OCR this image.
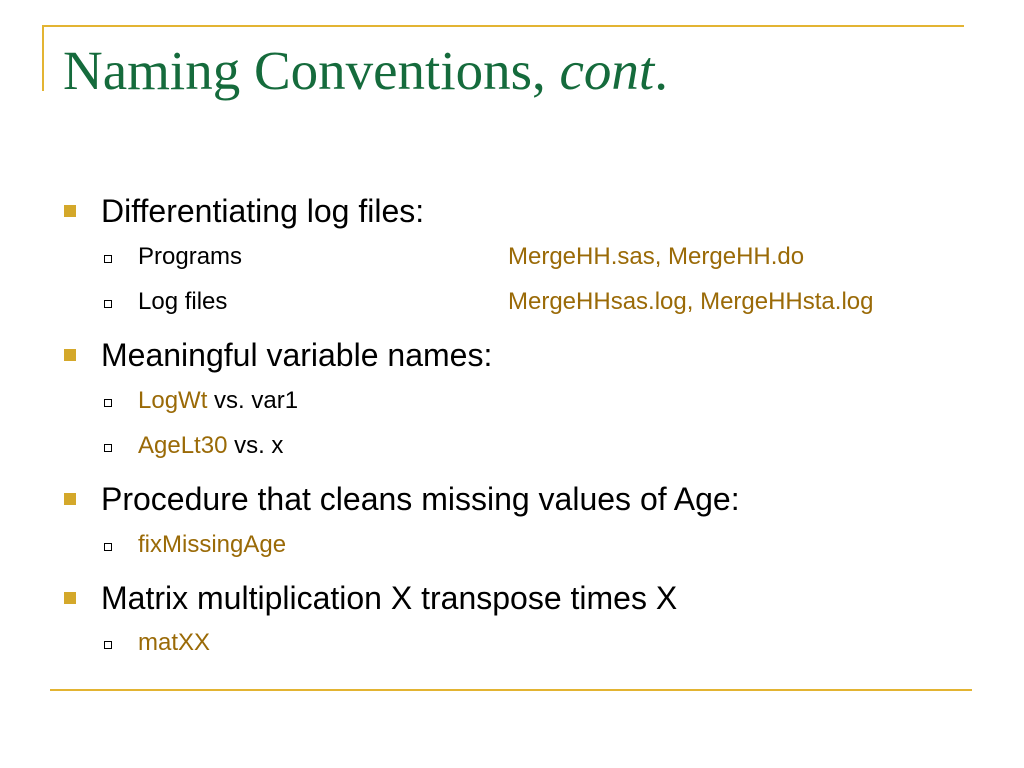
Naming Conventions, cont.
Differentiating log files:
Programs	MergeHH.sas, MergeHH.do
Log files	MergeHHsas.log, MergeHHsta.log
Meaningful variable names:
LogWt vs. var1
AgeLt30 vs. x
Procedure that cleans missing values of Age:
fixMissingAge
Matrix multiplication X transpose times X
matXX
